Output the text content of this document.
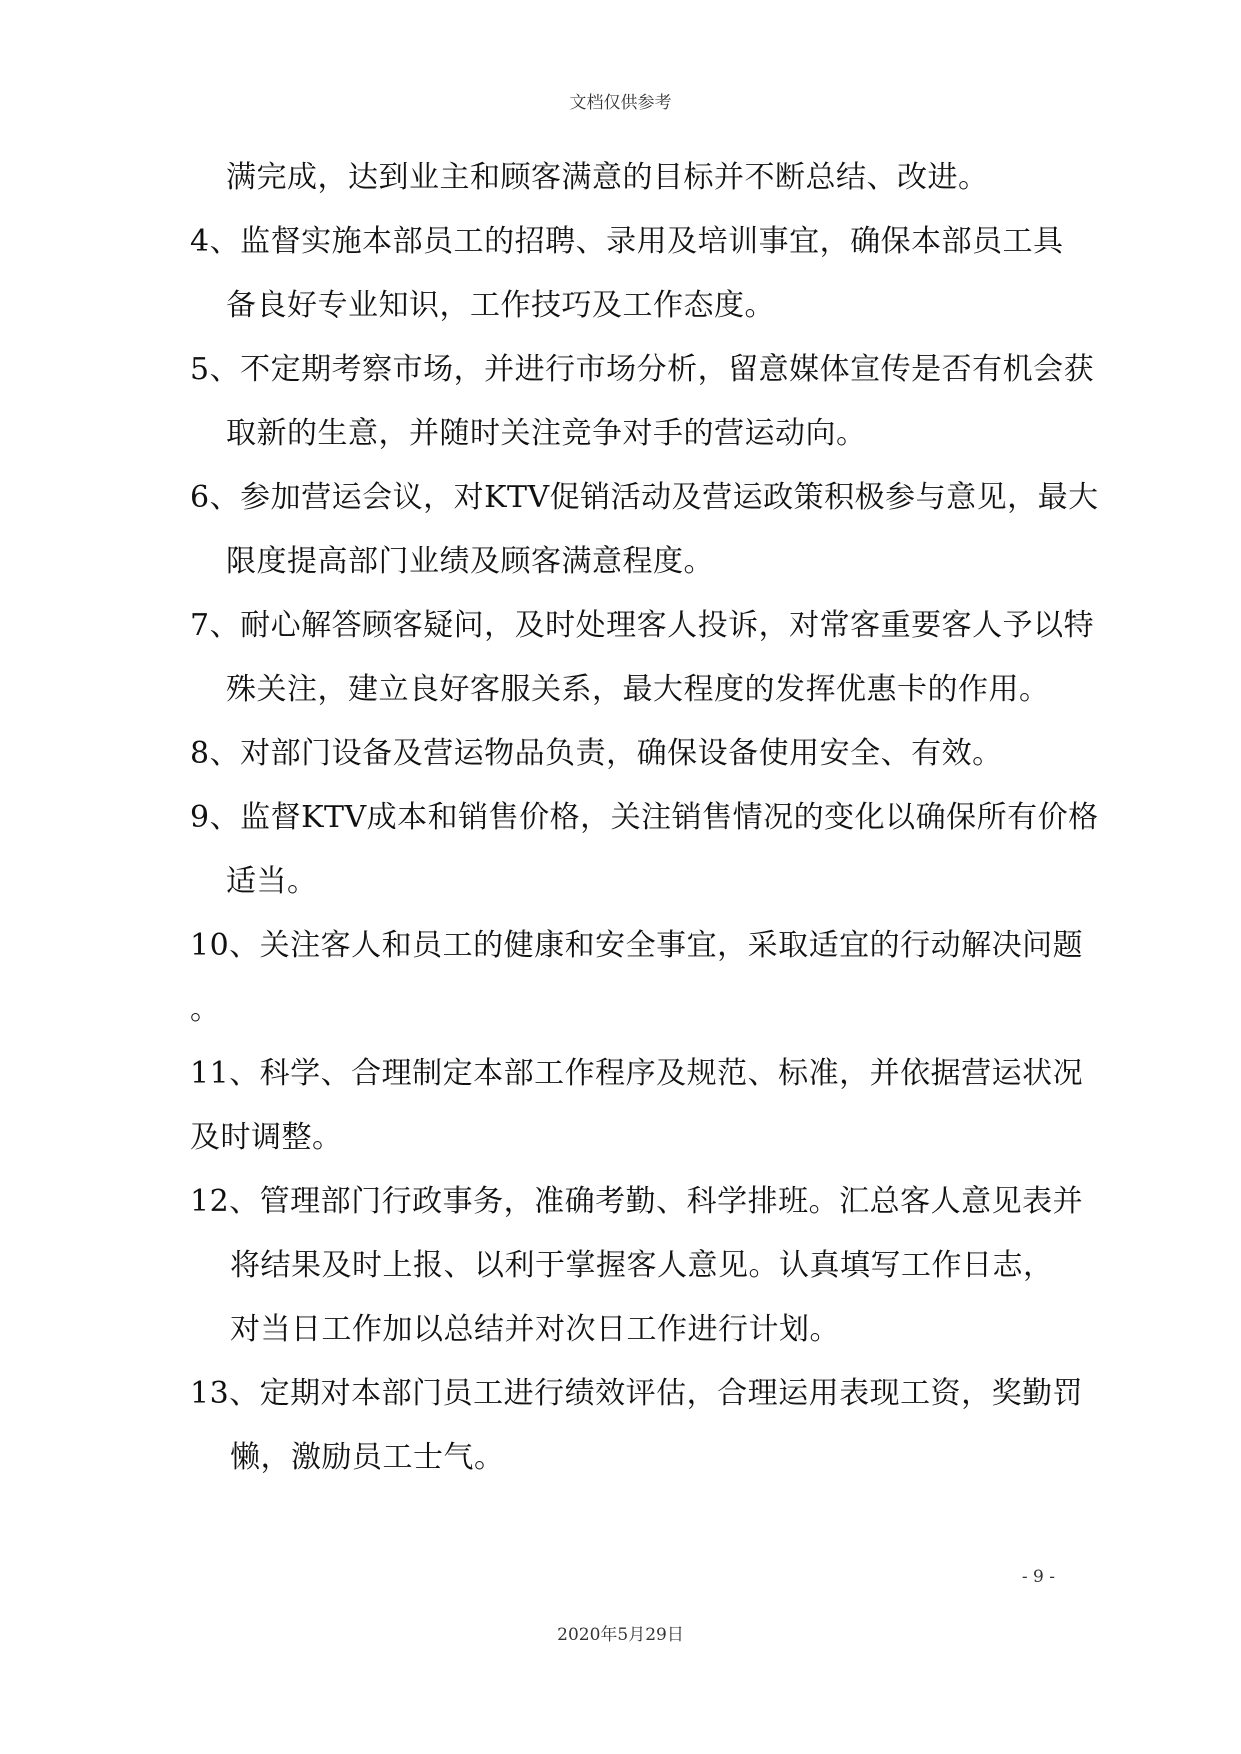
文档仅供参考
满完成，达到业主和顾客满意的目标并不断总结、改进。
4、监督实施本部员工的招聘、录用及培训事宜，确保本部员工具
备良好专业知识，工作技巧及工作态度。
5、不定期考察市场，并进行市场分析，留意媒体宣传是否有机会获
取新的生意，并随时关注竞争对手的营运动向。
6、参加营运会议，对KTV促销活动及营运政策积极参与意见，最大
限度提高部门业绩及顾客满意程度。
7、耐心解答顾客疑问，及时处理客人投诉，对常客重要客人予以特
殊关注，建立良好客服关系，最大程度的发挥优惠卡的作用。
8、对部门设备及营运物品负责，确保设备使用安全、有效。
9、监督KTV成本和销售价格，关注销售情况的变化以确保所有价格
适当。
10、关注客人和员工的健康和安全事宜，采取适宜的行动解决问题
。
11、科学、合理制定本部工作程序及规范、标准，并依据营运状况
及时调整。
12、管理部门行政事务，准确考勤、科学排班。汇总客人意见表并
将结果及时上报、以利于掌握客人意见。认真填写工作日志，
对当日工作加以总结并对次日工作进行计划。
13、定期对本部门员工进行绩效评估，合理运用表现工资，奖勤罚
懒，激励员工士气。
- 9 -
2020年5月29日
